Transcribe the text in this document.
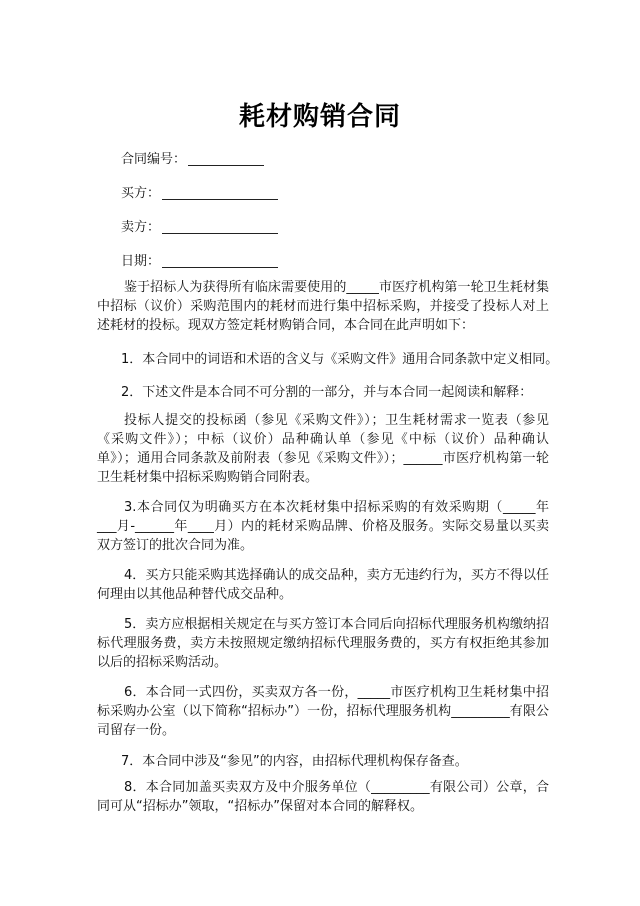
耗材购销合同
合同编号：
买方：
卖方：
日期：
鉴于招标人为获得所有临床需要使用的_____市医疗机构第一轮卫生耗材集中招标（议价）采购范围内的耗材而进行集中招标采购，并接受了投标人对上述耗材的投标。现双方签定耗材购销合同，本合同在此声明如下：
1．本合同中的词语和术语的含义与《采购文件》通用合同条款中定义相同。
2．下述文件是本合同不可分割的一部分，并与本合同一起阅读和解释：
投标人提交的投标函（参见《采购文件》）；卫生耗材需求一览表（参见《采购文件》）；中标（议价）品种确认单（参见《中标（议价）品种确认单》）；通用合同条款及前附表（参见《采购文件》）；______市医疗机构第一轮卫生耗材集中招标采购购销合同附表。
3.本合同仅为明确买方在本次耗材集中招标采购的有效采购期（_____年___月-______年____月）内的耗材采购品牌、价格及服务。实际交易量以买卖双方签订的批次合同为准。
4．买方只能采购其选择确认的成交品种，卖方无违约行为，买方不得以任何理由以其他品种替代成交品种。
5．卖方应根据相关规定在与买方签订本合同后向招标代理服务机构缴纳招标代理服务费，卖方未按照规定缴纳招标代理服务费的，买方有权拒绝其参加以后的招标采购活动。
6．本合同一式四份，买卖双方各一份，_____市医疗机构卫生耗材集中招标采购办公室（以下简称“招标办”）一份，招标代理服务机构_________有限公司留存一份。
7．本合同中涉及“参见”的内容，由招标代理机构保存备查。
8．本合同加盖买卖双方及中介服务单位（_________有限公司）公章，合同可从“招标办”领取，“招标办”保留对本合同的解释权。
